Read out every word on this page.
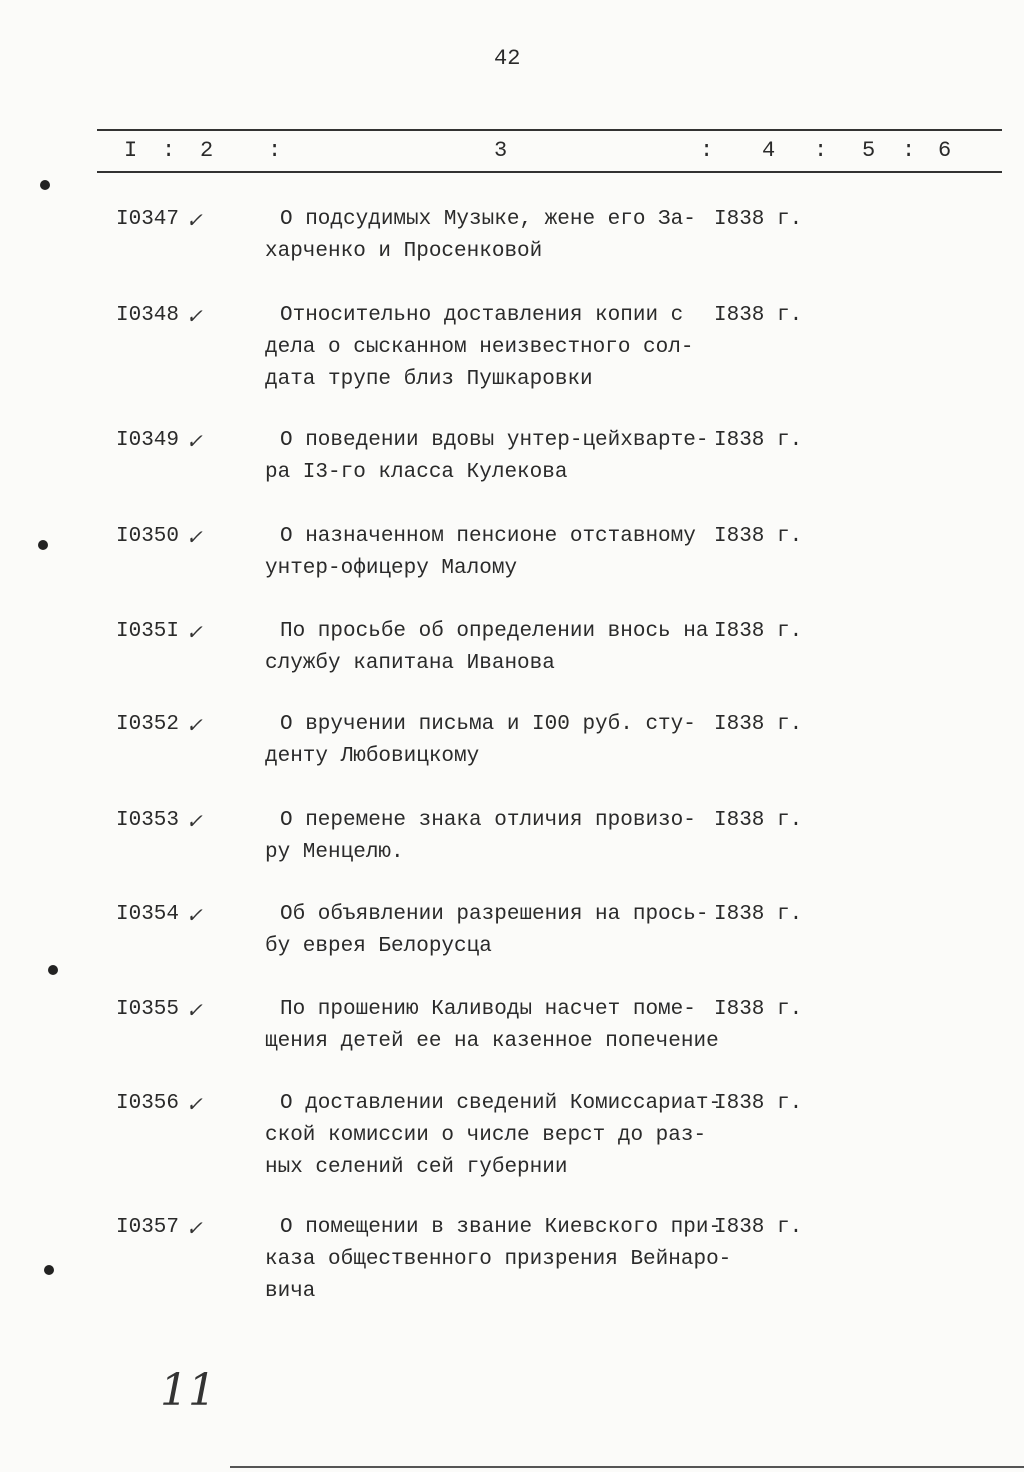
42
I : 2 :	3	: 4 : 5 : 6
I0347 ✓	О подсудимых Музыке, жене его За-
харченко и Просенковой
I838 г.
I0348 ✓	Относительно доставления копии с
дела о сысканном неизвестного сол-
дата трупе близ Пушкаровки
I838 г.
I0349 ✓	О поведении вдовы унтер-цейхварте-
ра I3-го класса Кулекова
I838 г.
I0350 ✓	О назначенном пенсионе отставному
унтер-офицеру Малому
I838 г.
I035I ✓	По просьбе об определении внось на
службу капитана Иванова
I838 г.
I0352 ✓	О вручении письма и I00 руб. сту-
денту Любовицкому
I838 г.
I0353 ✓	О перемене знака отличия провизо-
ру Менцелю.
I838 г.
I0354 ✓	Об объявлении разрешения на прось-
бу еврея Белорусца
I838 г.
I0355 ✓	По прошению Каливоды насчет поме-
щения детей ее на казенное попечение
I838 г.
I0356 ✓	О доставлении сведений Комиссариат-
ской комиссии о числе верст до раз-
ных селений сей губернии
I838 г.
I0357 ✓	О помещении в звание Киевского при-
каза общественного призрения Вейнаро-
вича
I838 г.
11
